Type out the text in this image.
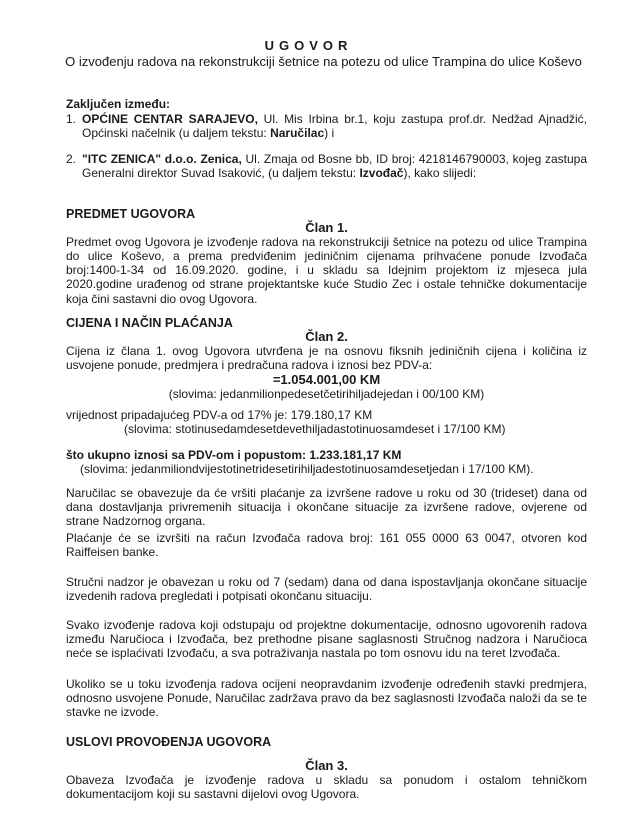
UGOVOR
O izvođenju radova na rekonstrukciji šetnice na potezu od ulice Trampina do ulice Koševo
Zaključen između:
1. OPĆINE CENTAR SARAJEVO, Ul. Mis Irbina br.1, koju zastupa prof.dr. Nedžad Ajnadžić, Općinski načelnik (u daljem tekstu: Naručilac) i
2. "ITC ZENICA" d.o.o. Zenica, Ul. Zmaja od Bosne bb, ID broj: 4218146790003, kojeg zastupa Generalni direktor Suvad Isaković, (u daljem tekstu: Izvođač), kako slijedi:
PREDMET UGOVORA
Član 1.
Predmet ovog Ugovora je izvođenje radova na rekonstrukciji šetnice na potezu od ulice Trampina do ulice Koševo, a prema predviđenim jediničnim cijenama prihvaćene ponude Izvođača broj:1400-1-34 od 16.09.2020. godine, i u skladu sa Idejnim projektom iz mjeseca jula 2020.godine urađenog od strane projektantske kuće Studio Zec i ostale tehničke dokumentacije koja čini sastavni dio ovog Ugovora.
CIJENA I NAČIN PLAĆANJA
Član 2.
Cijena iz člana 1. ovog Ugovora utvrđena je na osnovu fiksnih jediničnih cijena i količina iz usvojene ponude, predmjera i predračuna radova i iznosi bez PDV-a:
=1.054.001,00 KM
(slovima: jedanmilionpedesetčetirihiljadejedan i 00/100 KM)
vrijednost pripadajućeg PDV-a od 17% je: 179.180,17 KM
(slovima: stotinusedamdesetdevethiljadastotinuosamdeset i 17/100 KM)
što ukupno iznosi sa PDV-om i popustom: 1.233.181,17 KM
(slovima: jedanmiliondvijestotinetridesetirihiljadestotinuosamdesetjedan i 17/100 KM).
Naručilac se obavezuje da će vršiti plaćanje za izvršene radove u roku od 30 (trideset) dana od dana dostavljanja privremenih situacija i okončane situacije za izvršene radove, ovjerene od strane Nadzornog organa.
Plaćanje će se izvršiti na račun Izvođača radova broj: 161 055 0000 63 0047, otvoren kod Raiffeisen banke.
Stručni nadzor je obavezan u roku od 7 (sedam) dana od dana ispostavljanja okončane situacije izvedenih radova pregledati i potpisati okončanu situaciju.
Svako izvođenje radova koji odstupaju od projektne dokumentacije, odnosno ugovorenih radova između Naručioca i Izvođača, bez prethodne pisane saglasnosti Stručnog nadzora i Naručioca neće se isplaćivati Izvođaču, a sva potraživanja nastala po tom osnovu idu na teret Izvođača.
Ukoliko se u toku izvođenja radova ocijeni neopravdanim izvođenje određenih stavki predmjera, odnosno usvojene Ponude, Naručilac zadržava pravo da bez saglasnosti Izvođača naloži da se te stavke ne izvode.
USLOVI PROVOĐENJA UGOVORA
Član 3.
Obaveza Izvođača je izvođenje radova u skladu sa ponudom i ostalom tehničkom dokumentacijom koji su sastavni dijelovi ovog Ugovora.
